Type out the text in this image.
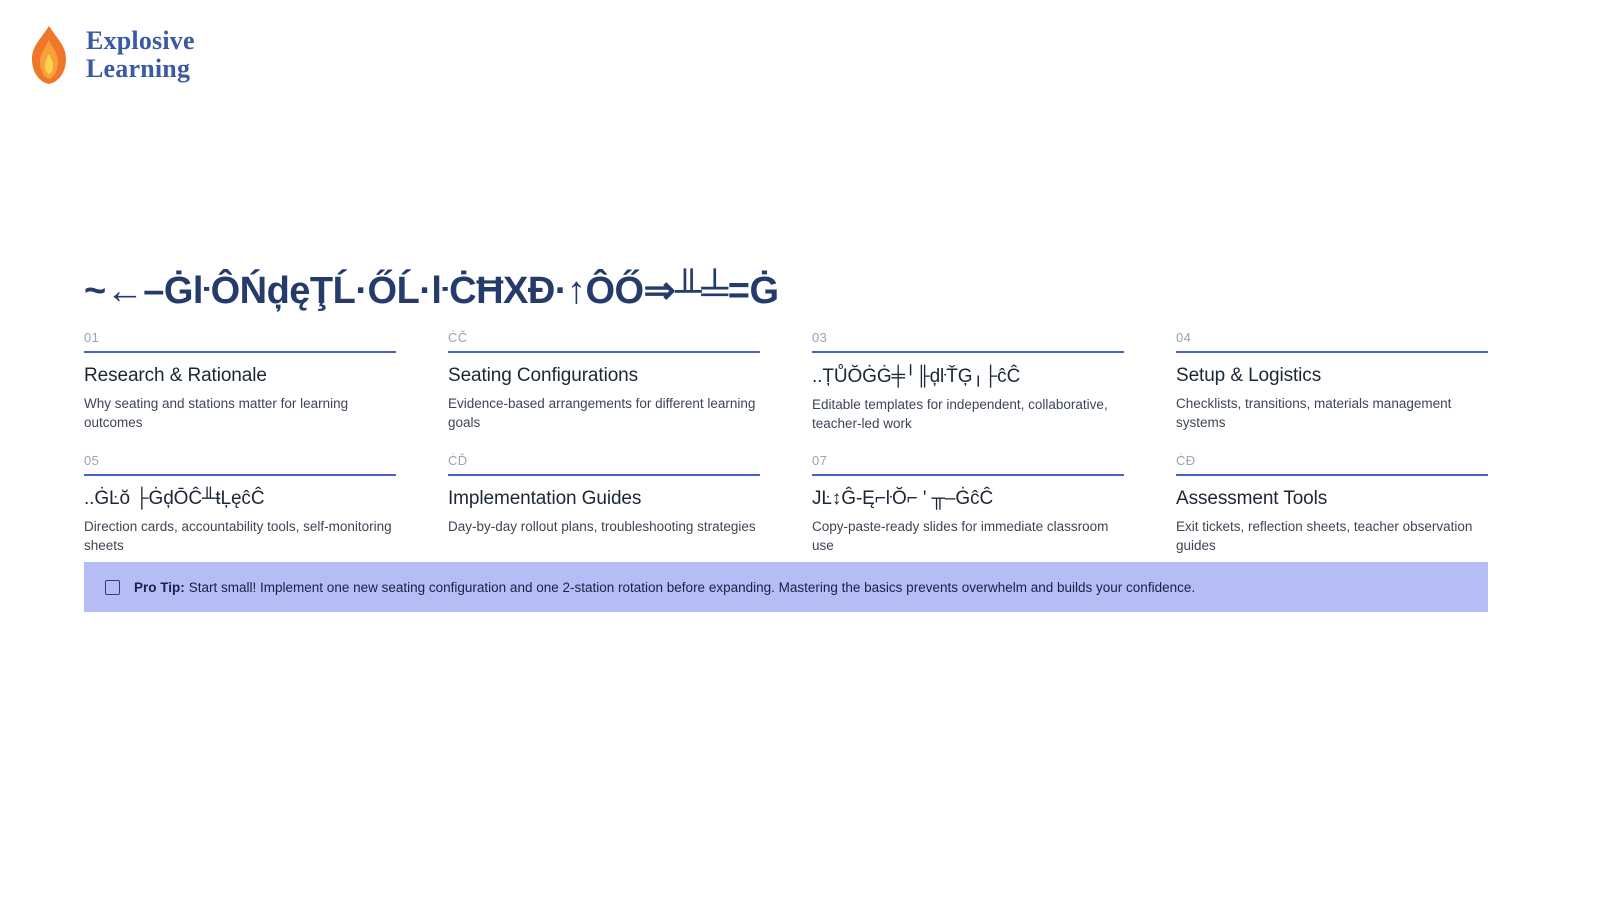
Explosive
Learning
~←–ĠŀÔŃḑęŢĹ·ŐĹ·ŀĊĦXĐ·↑ÔŐ⇒╨╧=Ġ
01
Research & Rationale
Why seating and stations matter for learning outcomes
ĊČ
Seating Configurations
Evidence-based arrangements for different learning goals
03
..ȚŮŎĠĠ╪╵╟ḑŀŤĢ╷├ĉĈ
Editable templates for independent, collaborative, teacher-led work
04
Setup & Logistics
Checklists, transitions, materials management systems
05
..ĠĿŏ ├ĠḑŌĈ╨ŧĻęĉĈ
Direction cards, accountability tools, self-monitoring sheets
ĊĎ
Implementation Guides
Day-by-day rollout plans, troubleshooting strategies
07
JĿ↕Ĝ-Ę⌐ŀŎ⌐ ' ╥–ĠĉĈ
Copy-paste-ready slides for immediate classroom use
ĊĐ
Assessment Tools
Exit tickets, reflection sheets, teacher observation guides
Pro Tip: Start small! Implement one new seating configuration and one 2-station rotation before expanding. Mastering the basics prevents overwhelm and builds your confidence.
